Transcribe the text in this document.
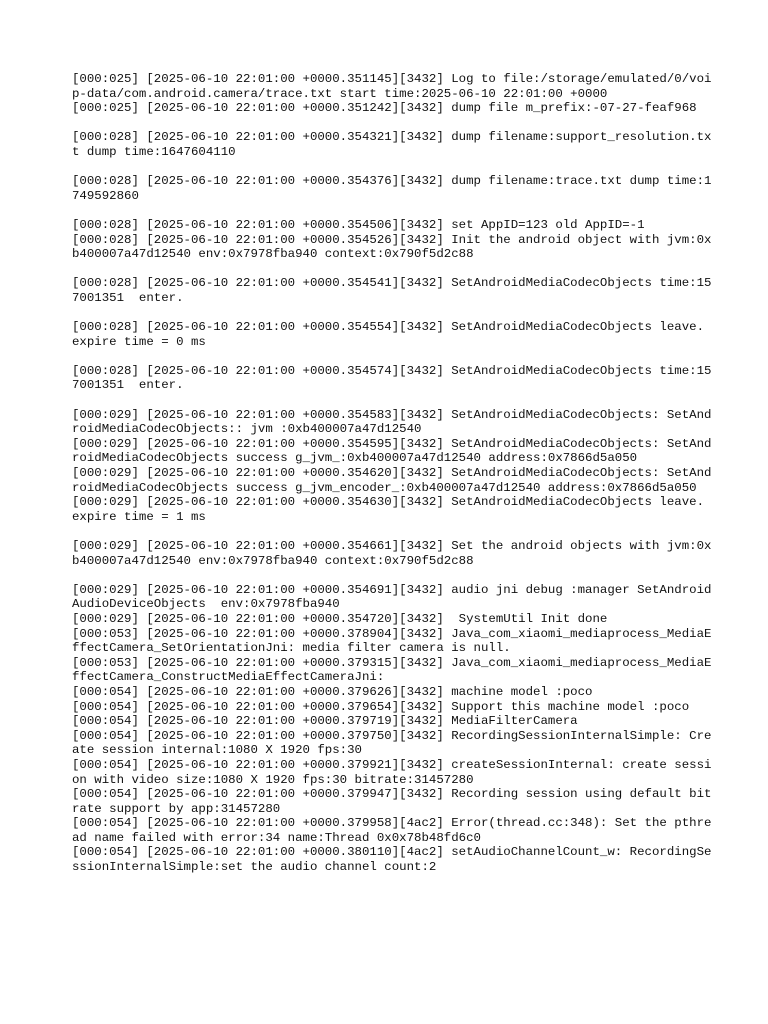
[000:025] [2025-06-10 22:01:00 +0000.351145][3432] Log to file:/storage/emulated/0/voip-data/com.android.camera/trace.txt start time:2025-06-10 22:01:00 +0000
[000:025] [2025-06-10 22:01:00 +0000.351242][3432] dump file m_prefix:-07-27-feaf968
[000:028] [2025-06-10 22:01:00 +0000.354321][3432] dump filename:support_resolution.txt dump time:1647604110
[000:028] [2025-06-10 22:01:00 +0000.354376][3432] dump filename:trace.txt dump time:1749592860
[000:028] [2025-06-10 22:01:00 +0000.354506][3432] set AppID=123 old AppID=-1
[000:028] [2025-06-10 22:01:00 +0000.354526][3432] Init the android object with jvm:0xb400007a47d12540 env:0x7978fba940 context:0x790f5d2c88
[000:028] [2025-06-10 22:01:00 +0000.354541][3432] SetAndroidMediaCodecObjects time:157001351  enter.
[000:028] [2025-06-10 22:01:00 +0000.354554][3432] SetAndroidMediaCodecObjects leave. expire time = 0 ms
[000:028] [2025-06-10 22:01:00 +0000.354574][3432] SetAndroidMediaCodecObjects time:157001351  enter.
[000:029] [2025-06-10 22:01:00 +0000.354583][3432] SetAndroidMediaCodecObjects: SetAndroidMediaCodecObjects:: jvm :0xb400007a47d12540
[000:029] [2025-06-10 22:01:00 +0000.354595][3432] SetAndroidMediaCodecObjects: SetAndroidMediaCodecObjects success g_jvm_:0xb400007a47d12540 address:0x7866d5a050
[000:029] [2025-06-10 22:01:00 +0000.354620][3432] SetAndroidMediaCodecObjects: SetAndroidMediaCodecObjects success g_jvm_encoder_:0xb400007a47d12540 address:0x7866d5a050
[000:029] [2025-06-10 22:01:00 +0000.354630][3432] SetAndroidMediaCodecObjects leave. expire time = 1 ms
[000:029] [2025-06-10 22:01:00 +0000.354661][3432] Set the android objects with jvm:0xb400007a47d12540 env:0x7978fba940 context:0x790f5d2c88
[000:029] [2025-06-10 22:01:00 +0000.354691][3432] audio jni debug :manager SetAndroidAudioDeviceObjects  env:0x7978fba940
[000:029] [2025-06-10 22:01:00 +0000.354720][3432]  SystemUtil Init done
[000:053] [2025-06-10 22:01:00 +0000.378904][3432] Java_com_xiaomi_mediaprocess_MediaEffectCamera_SetOrientationJni: media filter camera is null.
[000:053] [2025-06-10 22:01:00 +0000.379315][3432] Java_com_xiaomi_mediaprocess_MediaEffectCamera_ConstructMediaEffectCameraJni:
[000:054] [2025-06-10 22:01:00 +0000.379626][3432] machine model :poco
[000:054] [2025-06-10 22:01:00 +0000.379654][3432] Support this machine model :poco
[000:054] [2025-06-10 22:01:00 +0000.379719][3432] MediaFilterCamera
[000:054] [2025-06-10 22:01:00 +0000.379750][3432] RecordingSessionInternalSimple: Create session internal:1080 X 1920 fps:30
[000:054] [2025-06-10 22:01:00 +0000.379921][3432] createSessionInternal: create session with video size:1080 X 1920 fps:30 bitrate:31457280
[000:054] [2025-06-10 22:01:00 +0000.379947][3432] Recording session using default bitrate support by app:31457280
[000:054] [2025-06-10 22:01:00 +0000.379958][4ac2] Error(thread.cc:348): Set the pthread name failed with error:34 name:Thread 0x0x78b48fd6c0
[000:054] [2025-06-10 22:01:00 +0000.380110][4ac2] setAudioChannelCount_w: RecordingSessionInternalSimple:set the audio channel count:2
